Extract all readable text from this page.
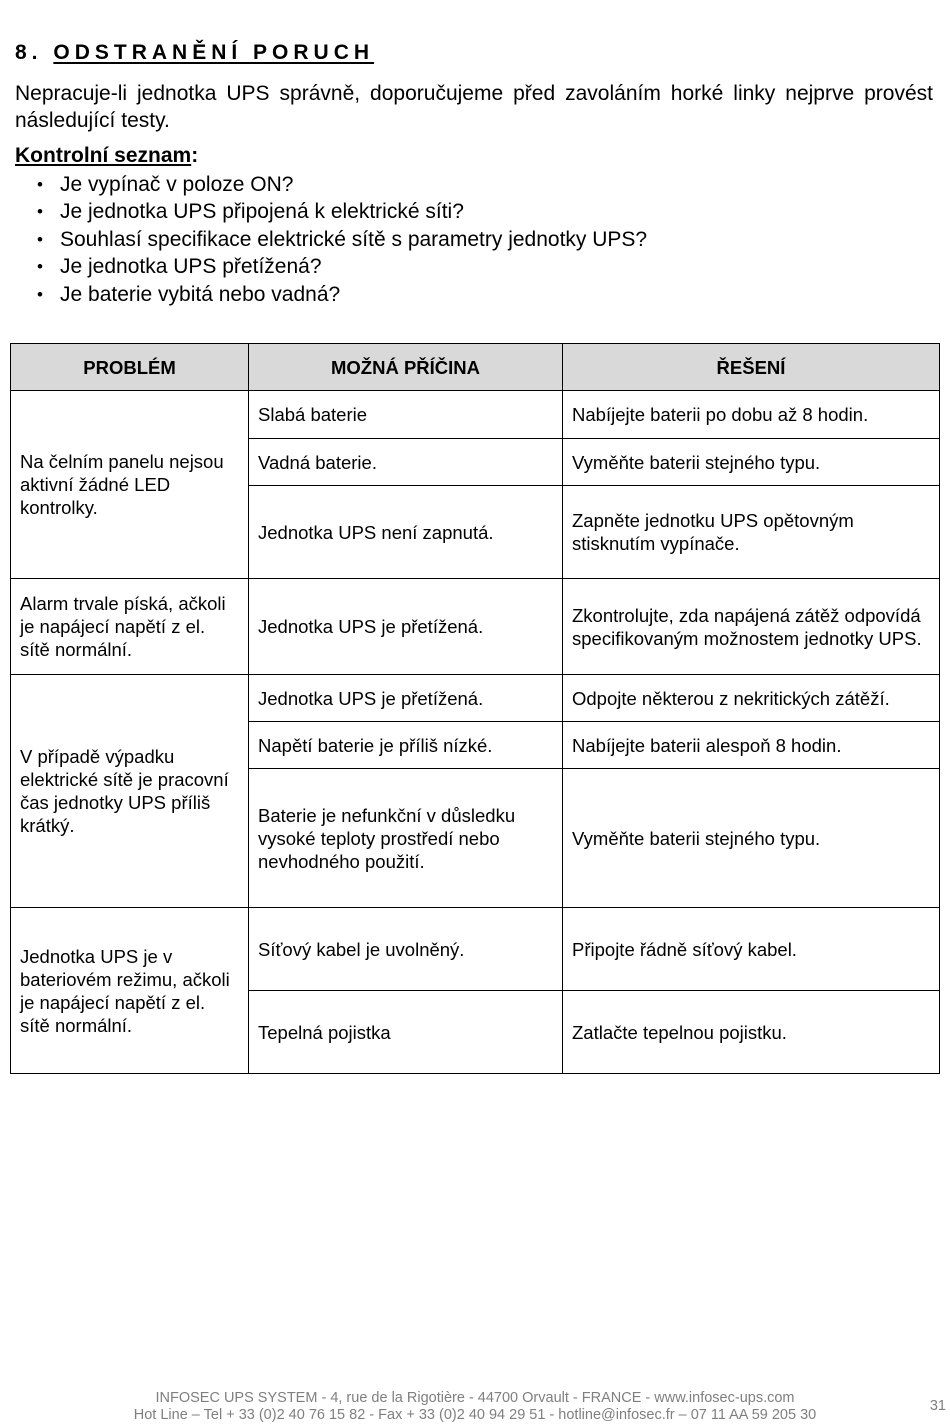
8. ODSTRANĚNÍ PORUCH

Nepracuje-li jednotka UPS správně, doporučujeme před zavoláním horké linky nejprve provést následující testy.

Kontrolní seznam:

• Je vypínač v poloze ON?
• Je jednotka UPS připojená k elektrické síti?
• Souhlasí specifikace elektrické sítě s parametry jednotky UPS?
• Je jednotka UPS přetížená?
• Je baterie vybitá nebo vadná?
PROBLÉM	MOŽNÁ PŘÍČINA	ŘEŠENÍ
Na čelním panelu nejsou aktivní žádné LED kontrolky.	Slabá baterie	Nabíjejte baterii po dobu až 8 hodin.
	Vadná baterie.	Vyměňte baterii stejného typu.
	Jednotka UPS není zapnutá.	Zapněte jednotku UPS opětovným stisknutím vypínače.
Alarm trvale píská, ačkoli je napájecí napětí z el. sítě normální.	Jednotka UPS je přetížená.	Zkontrolujte, zda napájená zátěž odpovídá specifikovaným možnostem jednotky UPS.
V případě výpadku elektrické sítě je pracovní čas jednotky UPS příliš krátký.	Jednotka UPS je přetížená.	Odpojte některou z nekritických zátěží.
	Napětí baterie je příliš nízké.	Nabíjejte baterii alespoň 8 hodin.
	Baterie je nefunkční v důsledku vysoké teploty prostředí nebo nevhodného použití.	Vyměňte baterii stejného typu.
Jednotka UPS je v bateriovém režimu, ačkoli je napájecí napětí z el. sítě normální.	Síťový kabel je uvolněný.	Připojte řádně síťový kabel.
	Tepelná pojistka	Zatlačte tepelnou pojistku.
INFOSEC UPS SYSTEM - 4, rue de la Rigotière - 44700 Orvault - FRANCE - www.infosec-ups.com
Hot Line – Tel + 33 (0)2 40 76 15 82 - Fax + 33 (0)2 40 94 29 51 - hotline@infosec.fr – 07 11 AA 59 205 30
31
